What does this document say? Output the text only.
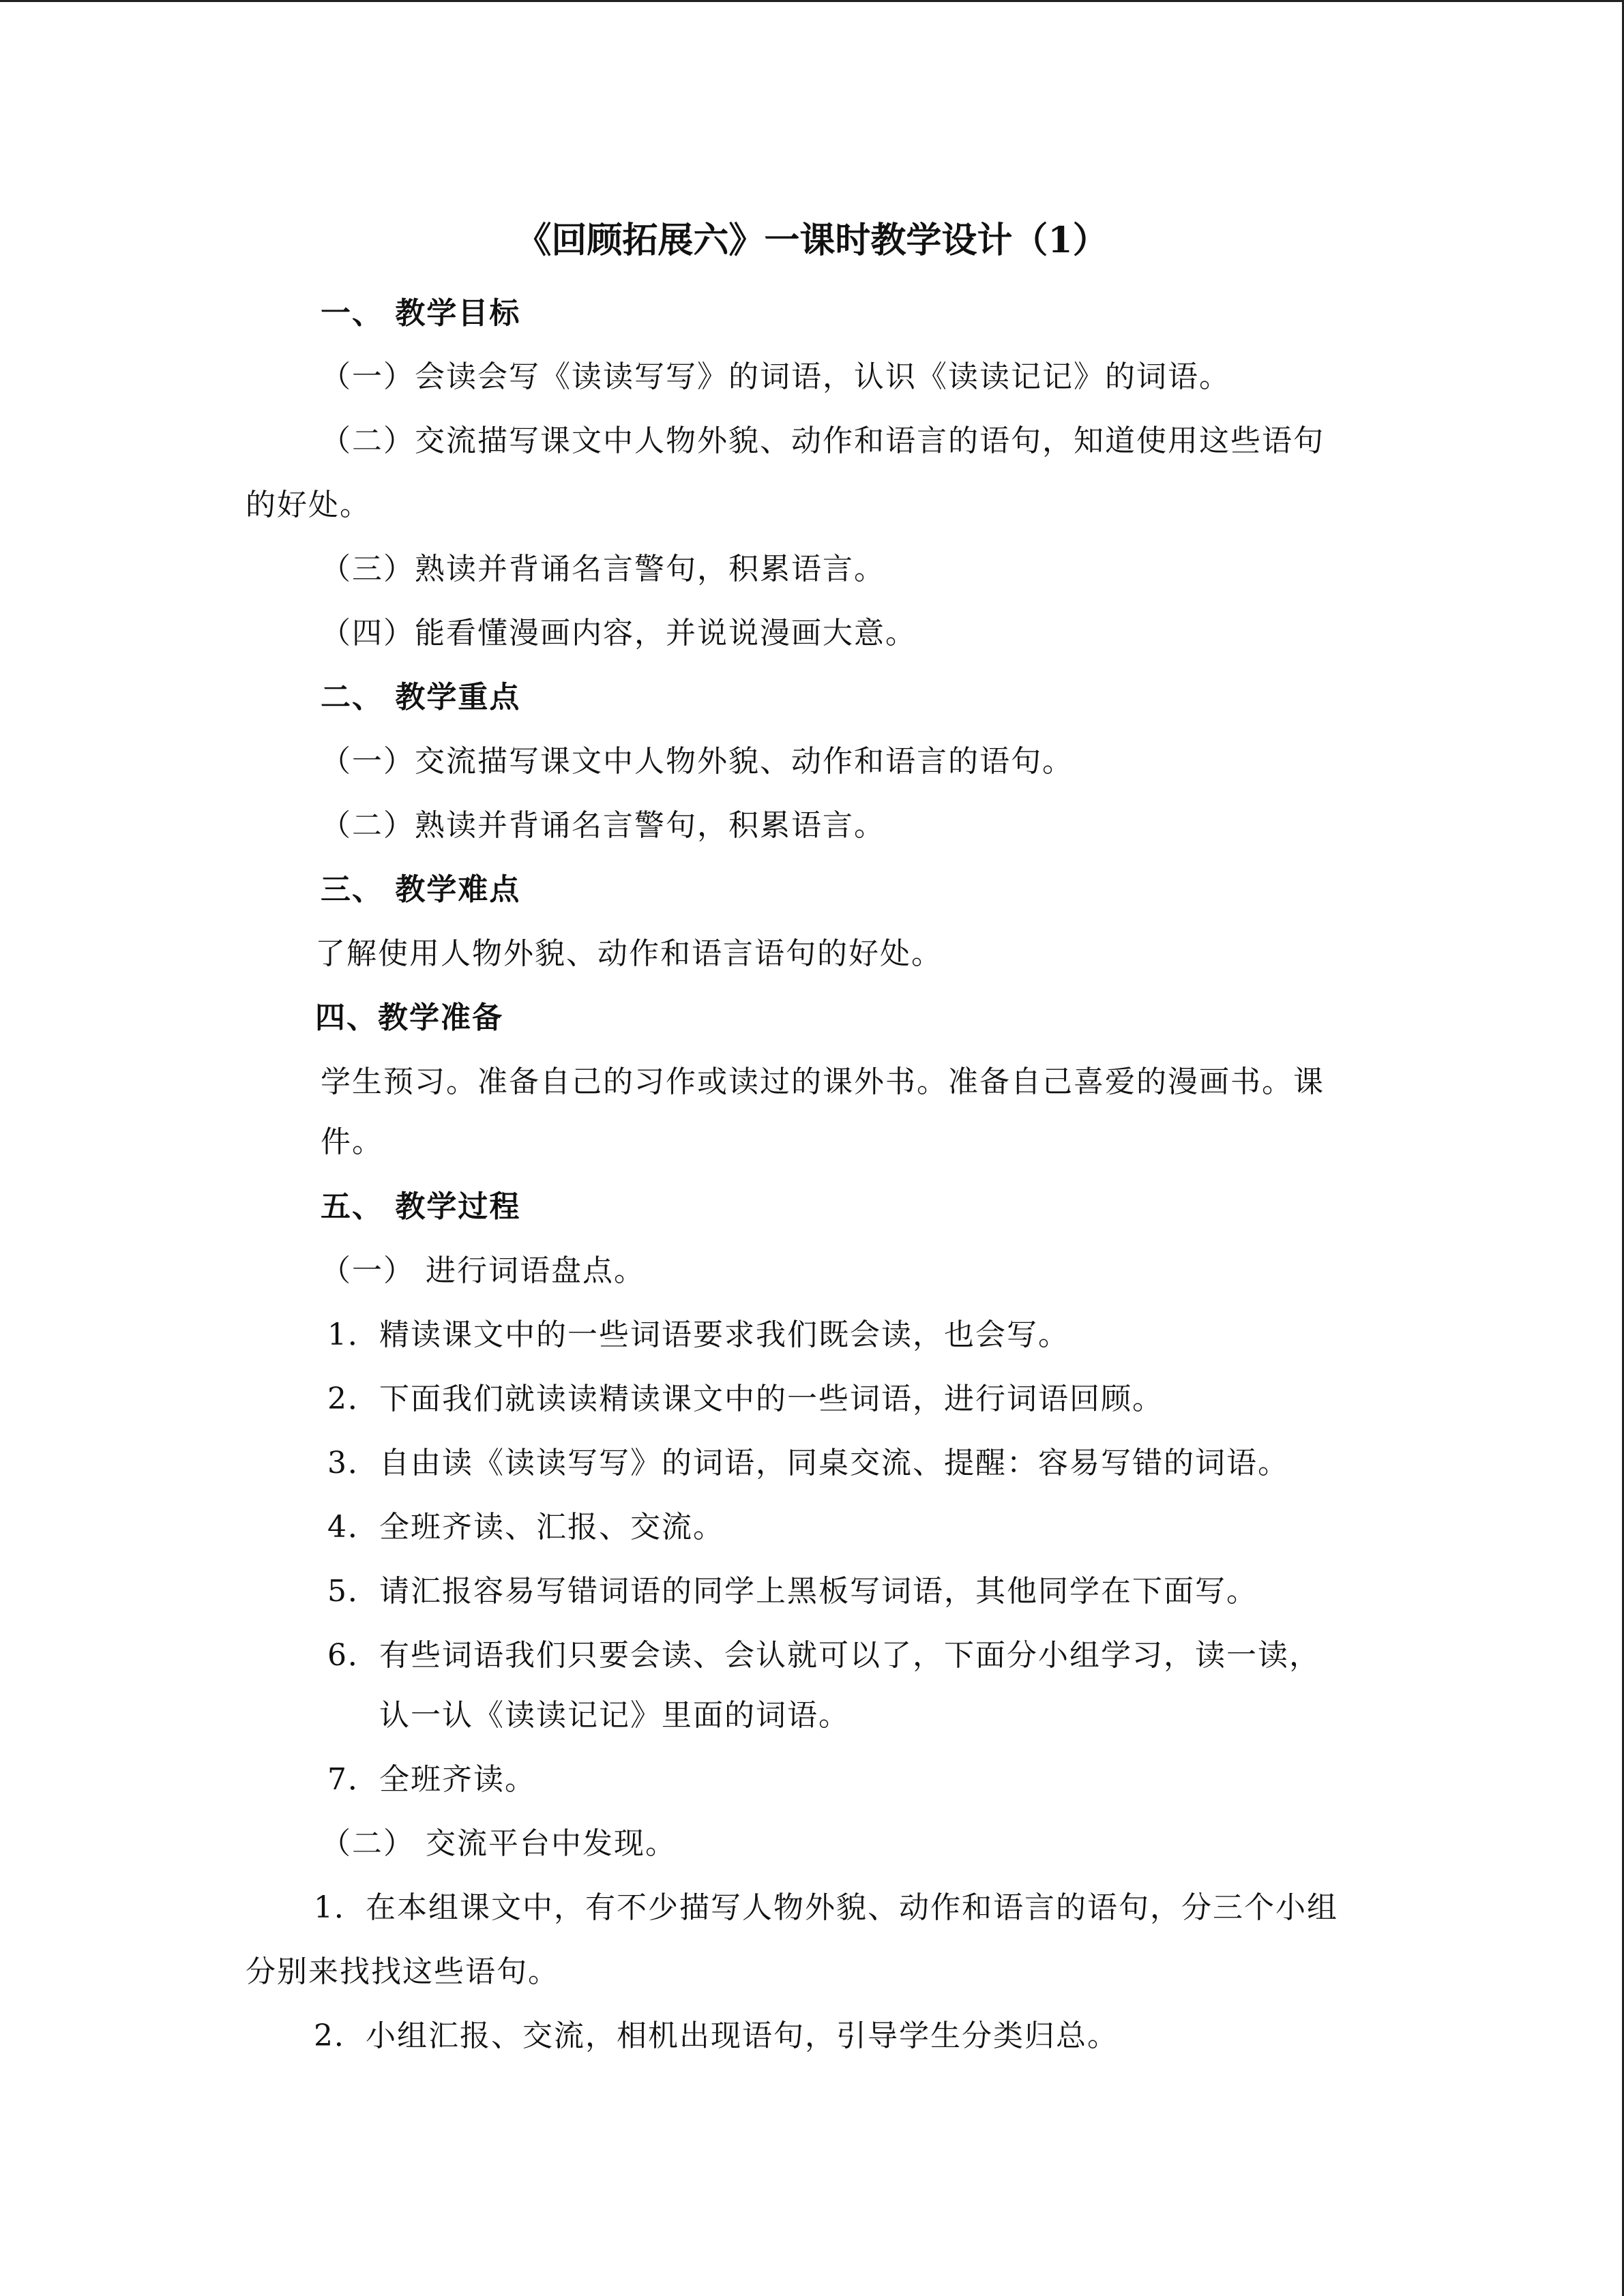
《回顾拓展六》一课时教学设计（1）
一、 教学目标
（一）会读会写《读读写写》的词语，认识《读读记记》的词语。
（二）交流描写课文中人物外貌、动作和语言的语句，知道使用这些语句
的好处。
（三）熟读并背诵名言警句，积累语言。
（四）能看懂漫画内容，并说说漫画大意。
二、 教学重点
（一）交流描写课文中人物外貌、动作和语言的语句。
（二）熟读并背诵名言警句，积累语言。
三、 教学难点
了解使用人物外貌、动作和语言语句的好处。
四、教学准备
学生预习。准备自己的习作或读过的课外书。准备自己喜爱的漫画书。课
件。
五、 教学过程
（一） 进行词语盘点。
1．精读课文中的一些词语要求我们既会读，也会写。
2．下面我们就读读精读课文中的一些词语，进行词语回顾。
3．自由读《读读写写》的词语，同桌交流、提醒：容易写错的词语。
4．全班齐读、汇报、交流。
5．请汇报容易写错词语的同学上黑板写词语，其他同学在下面写。
6．有些词语我们只要会读、会认就可以了，下面分小组学习，读一读，
认一认《读读记记》里面的词语。
7．全班齐读。
（二） 交流平台中发现。
1．在本组课文中，有不少描写人物外貌、动作和语言的语句，分三个小组
分别来找找这些语句。
2．小组汇报、交流，相机出现语句，引导学生分类归总。
